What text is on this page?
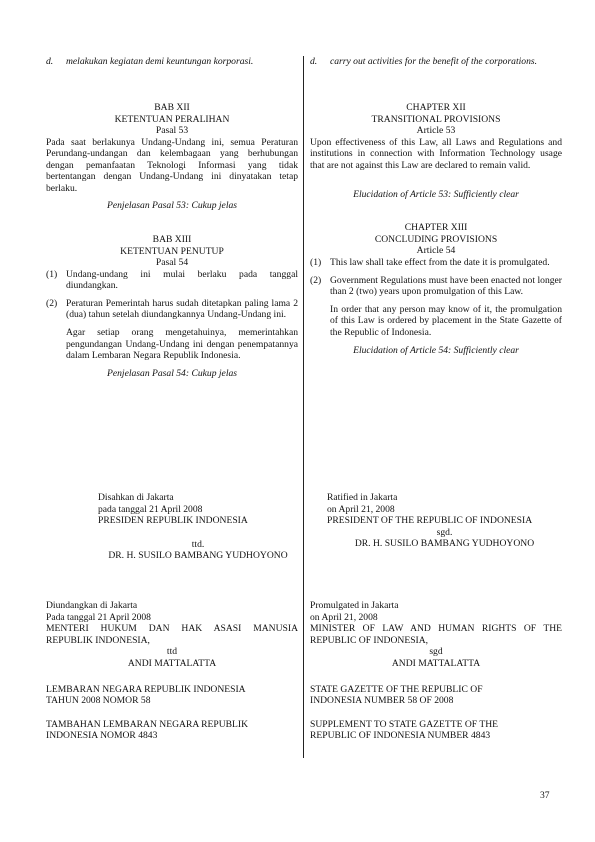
d.	melakukan kegiatan demi keuntungan korporasi.
BAB XII
KETENTUAN PERALIHAN
Pasal 53
Pada saat berlakunya Undang-Undang ini, semua Peraturan Perundang-undangan dan kelembagaan yang berhubungan dengan pemanfaatan Teknologi Informasi yang tidak bertentangan dengan Undang-Undang ini dinyatakan tetap berlaku.
Penjelasan Pasal 53: Cukup jelas
BAB XIII
KETENTUAN PENUTUP
Pasal 54
(1) Undang-undang ini mulai berlaku pada tanggal diundangkan.
(2) Peraturan Pemerintah harus sudah ditetapkan paling lama 2 (dua) tahun setelah diundangkannya Undang-Undang ini.
Agar setiap orang mengetahuinya, memerintahkan pengundangan Undang-Undang ini dengan penempatannya dalam Lembaran Negara Republik Indonesia.
Penjelasan Pasal 54: Cukup jelas
d.	carry out activities for the benefit of the corporations.
CHAPTER XII
TRANSITIONAL PROVISIONS
Article 53
Upon effectiveness of this Law, all Laws and Regulations and institutions in connection with Information Technology usage that are not against this Law are declared to remain valid.
Elucidation of Article 53: Sufficiently clear
CHAPTER XIII
CONCLUDING PROVISIONS
Article 54
(1) This law shall take effect from the date it is promulgated.
(2) Government Regulations must have been enacted not longer than 2 (two) years upon promulgation of this Law.
In order that any person may know of it, the promulgation of this Law is ordered by placement in the State Gazette of the Republic of Indonesia.
Elucidation of Article 54: Sufficiently clear
Disahkan di Jakarta
pada tanggal 21 April 2008
PRESIDEN REPUBLIK INDONESIA
ttd.
DR. H. SUSILO BAMBANG YUDHOYONO
Ratified in Jakarta
on April 21, 2008
PRESIDENT OF THE REPUBLIC OF INDONESIA
sgd.
DR. H. SUSILO BAMBANG YUDHOYONO
Diundangkan di Jakarta
Pada tanggal 21 April 2008
MENTERI HUKUM DAN HAK ASASI MANUSIA REPUBLIK INDONESIA,
ttd
ANDI MATTALATTA
LEMBARAN NEGARA REPUBLIK INDONESIA TAHUN 2008 NOMOR 58
TAMBAHAN LEMBARAN NEGARA REPUBLIK INDONESIA NOMOR 4843
Promulgated in Jakarta
on April 21, 2008
MINISTER OF LAW AND HUMAN RIGHTS OF THE REPUBLIC OF INDONESIA,
sgd
ANDI MATTALATTA
STATE GAZETTE OF THE REPUBLIC OF INDONESIA NUMBER 58 OF 2008
SUPPLEMENT TO STATE GAZETTE OF THE REPUBLIC OF INDONESIA NUMBER 4843
37
